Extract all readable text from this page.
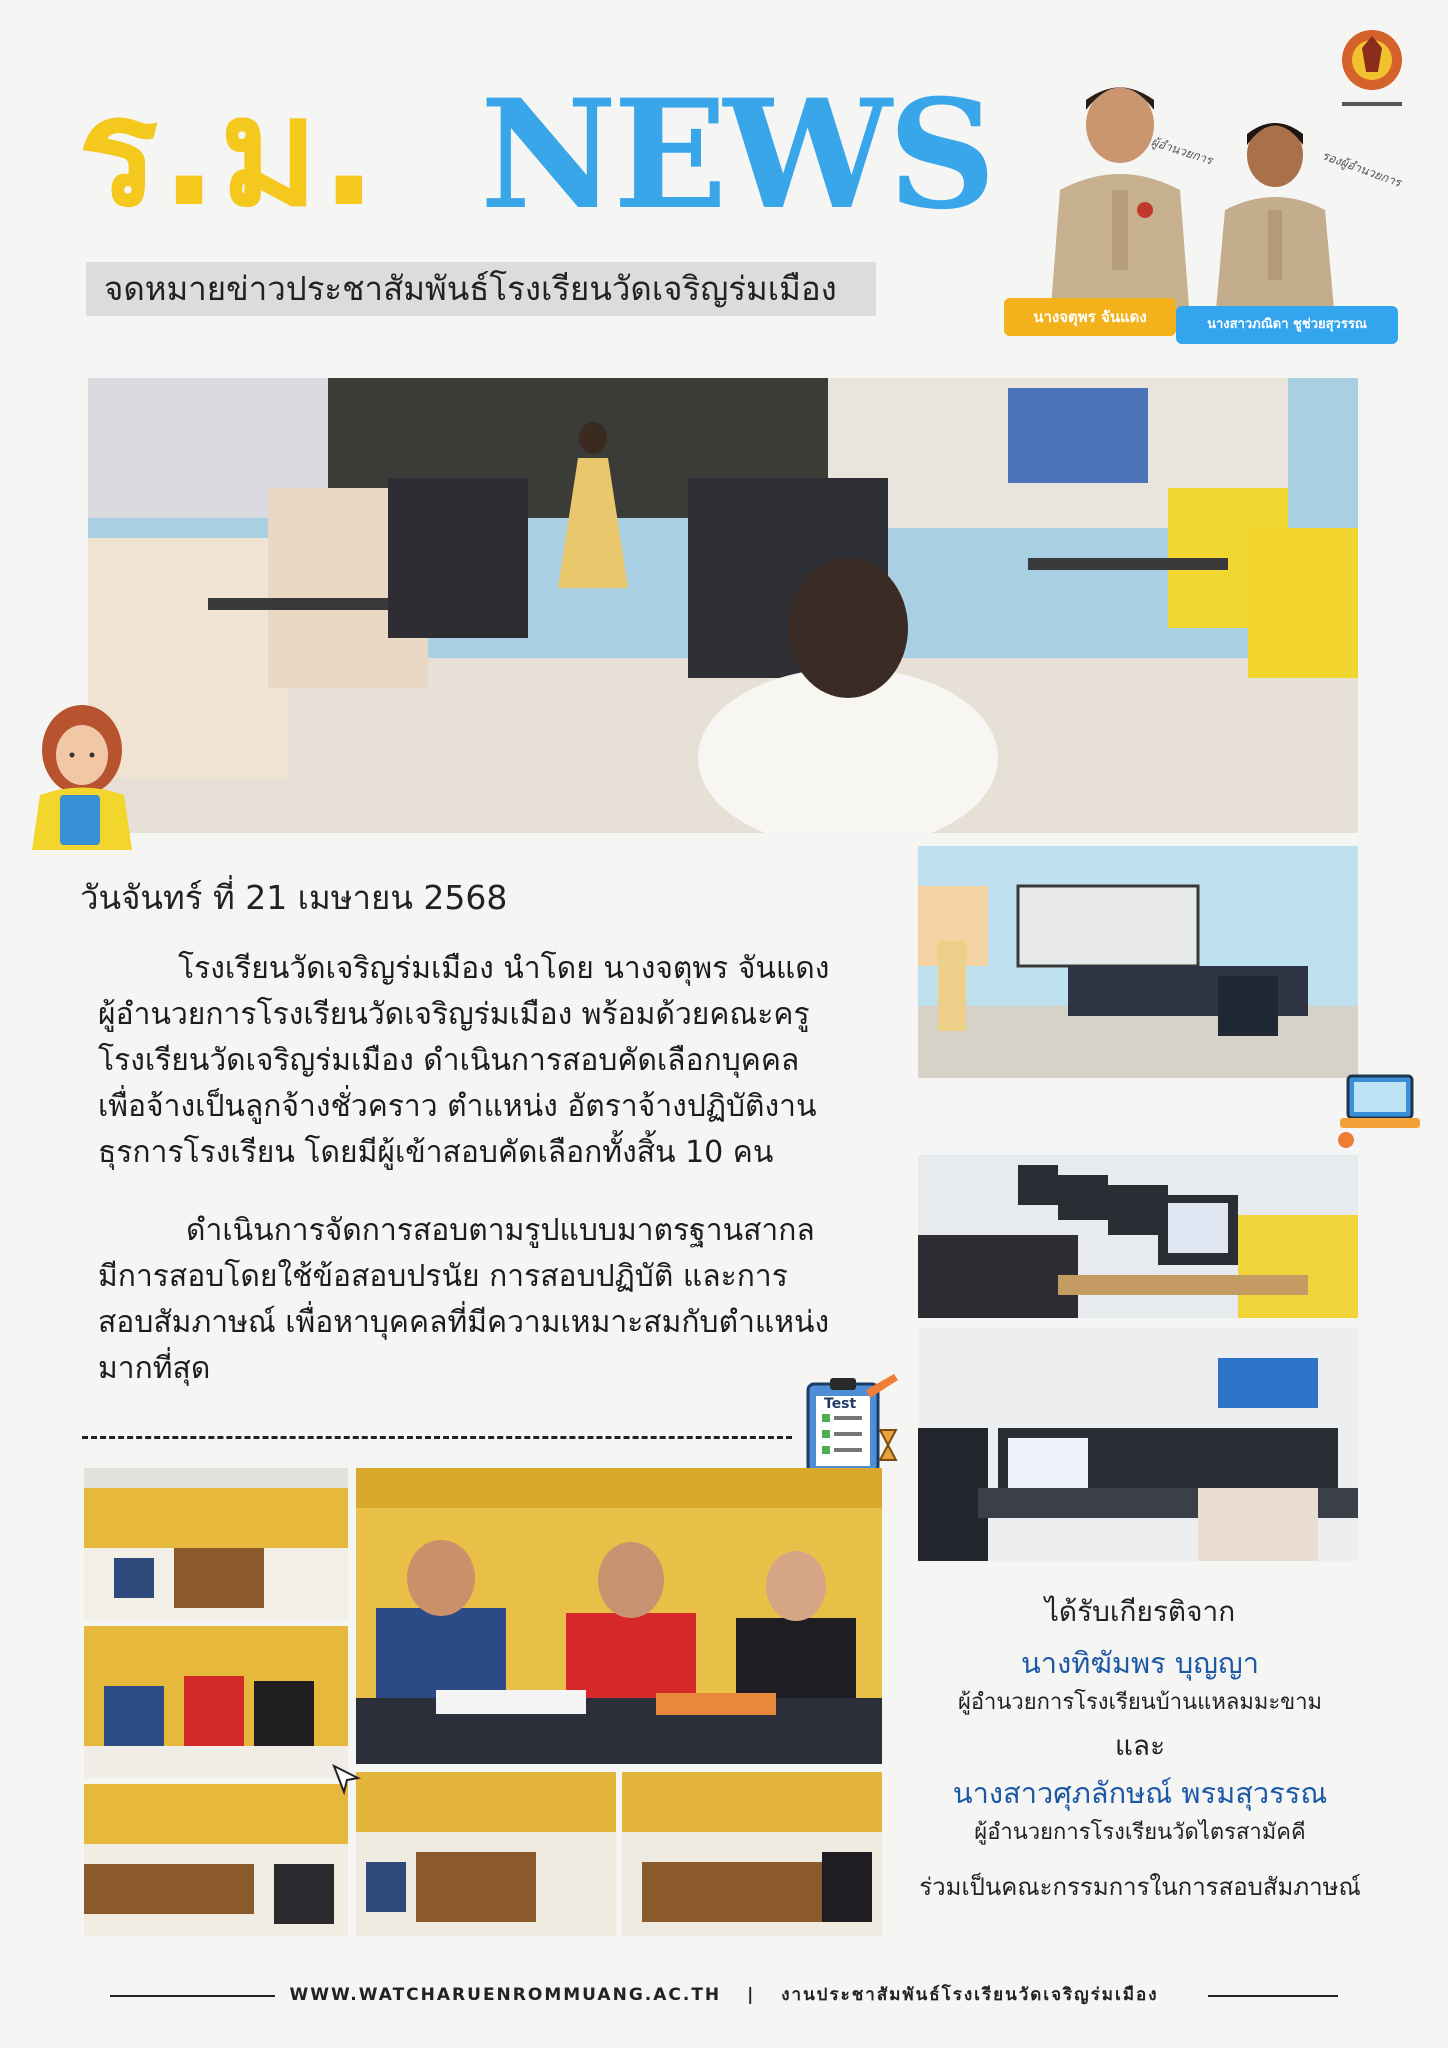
ร.ม. NEWS
จดหมายข่าวประชาสัมพันธ์โรงเรียนวัดเจริญร่มเมือง
ผู้อำนวยการ	รองผู้อำนวยการ
นางจตุพร จันแดง	นางสาวภณิดา ชูช่วยสุวรรณ
วันจันทร์ ที่ 21 เมษายน 2568
โรงเรียนวัดเจริญร่มเมือง นำโดย นางจตุพร จันแดง
ผู้อำนวยการโรงเรียนวัดเจริญร่มเมือง พร้อมด้วยคณะครู
โรงเรียนวัดเจริญร่มเมือง ดำเนินการสอบคัดเลือกบุคคล
เพื่อจ้างเป็นลูกจ้างชั่วคราว ตำแหน่ง อัตราจ้างปฏิบัติงาน
ธุรการโรงเรียน โดยมีผู้เข้าสอบคัดเลือกทั้งสิ้น 10 คน
ดำเนินการจัดการสอบตามรูปแบบมาตรฐานสากล
มีการสอบโดยใช้ข้อสอบปรนัย การสอบปฏิบัติ และการ
สอบสัมภาษณ์ เพื่อหาบุคคลที่มีความเหมาะสมกับตำแหน่ง
มากที่สุด
Test
ได้รับเกียรติจาก
นางทิฆัมพร บุญญา
ผู้อำนวยการโรงเรียนบ้านแหลมมะขาม
และ
นางสาวศุภลักษณ์ พรมสุวรรณ
ผู้อำนวยการโรงเรียนวัดไตรสามัคคี
ร่วมเป็นคณะกรรมการในการสอบสัมภาษณ์
WWW.WATCHARUENROMMUANG.AC.TH | งานประชาสัมพันธ์โรงเรียนวัดเจริญร่มเมือง
